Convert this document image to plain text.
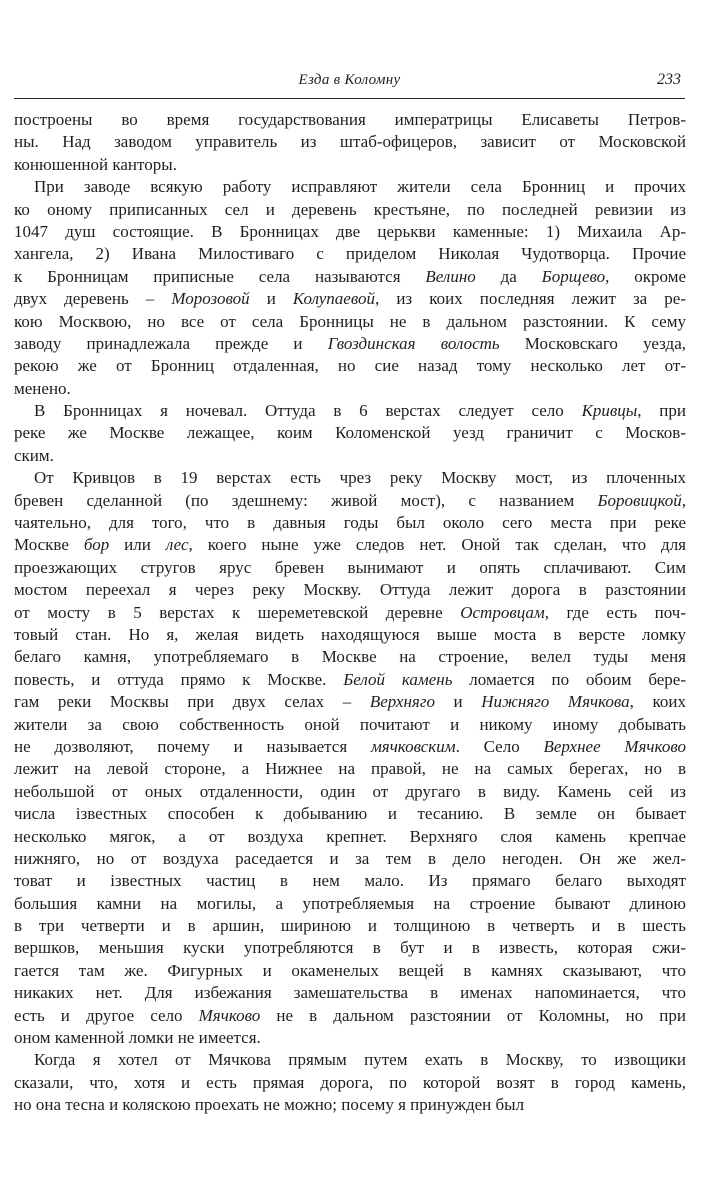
Езда в Коломну	233
построены во время государствования императрицы Елисаветы Петров-
ны. Над заводом управитель из штаб-офицеров, зависит от Московской
конюшенной канторы.
При заводе всякую работу исправляют жители села Бронниц и прочих
ко оному приписанных сел и деревень крестьяне, по последней ревизии из
1047 душ состоящие. В Бронницах две церькви каменные: 1) Михаила Ар-
хангела, 2) Ивана Милостиваго с приделом Николая Чудотворца. Прочие
к Бронницам приписные села называются Велино да Борщево, окроме
двух деревень – Морозовой и Колупаевой, из коих последняя лежит за ре-
кою Москвою, но все от села Бронницы не в дальном разстоянии. К сему
заводу принадлежала прежде и Гвоздинская волость Московскаго уезда,
рекою же от Бронниц отдаленная, но сие назад тому несколько лет от-
менено.
В Бронницах я ночевал. Оттуда в 6 верстах следует село Кривцы, при
реке же Москве лежащее, коим Коломенской уезд граничит с Москов-
ским.
От Кривцов в 19 верстах есть чрез реку Москву мост, из плоченных
бревен сделанной (по здешнему: живой мост), с названием Боровицкой,
чаятельно, для того, что в давныя годы был около сего места при реке
Москве бор или лес, коего ныне уже следов нет. Оной так сделан, что для
проезжающих стругов ярус бревен вынимают и опять сплачивают. Сим
мостом переехал я через реку Москву. Оттуда лежит дорога в разстоянии
от мосту в 5 верстах к шереметевской деревне Островцам, где есть поч-
товый стан. Но я, желая видеть находящуюся выше моста в версте ломку
белаго камня, употребляемаго в Москве на строение, велел туды меня
повесть, и оттуда прямо к Москве. Белой камень ломается по обоим бере-
гам реки Москвы при двух селах – Верхняго и Нижняго Мячкова, коих
жители за свою собственность оной почитают и никому иному добывать
не дозволяют, почему и называется мячковским. Село Верхнее Мячково
лежит на левой стороне, а Нижнее на правой, не на самых берегах, но в
небольшой от оных отдаленности, один от другаго в виду. Камень сей из
числа ізвестных способен к добыванию и тесанию. В земле он бывает
несколько мягок, а от воздуха крепнет. Верхняго слоя камень крепчае
нижняго, но от воздуха раседается и за тем в дело негоден. Он же жел-
товат и ізвестных частиц в нем мало. Из прямаго белаго выходят
большия камни на могилы, а употребляемыя на строение бывают длиною
в три четверти и в аршин, шириною и толщиною в четверть и в шесть
вершков, меньшия куски употребляются в бут и в известь, которая сжи-
гается там же. Фигурных и окаменелых вещей в камнях сказывают, что
никаких нет. Для избежания замешательства в именах напоминается, что
есть и другое село Мячково не в дальном разстоянии от Коломны, но при
оном каменной ломки не имеется.
Когда я хотел от Мячкова прямым путем ехать в Москву, то извощики
сказали, что, хотя и есть прямая дорога, по которой возят в город камень,
но она тесна и коляскою проехать не можно; посему я принужден был
